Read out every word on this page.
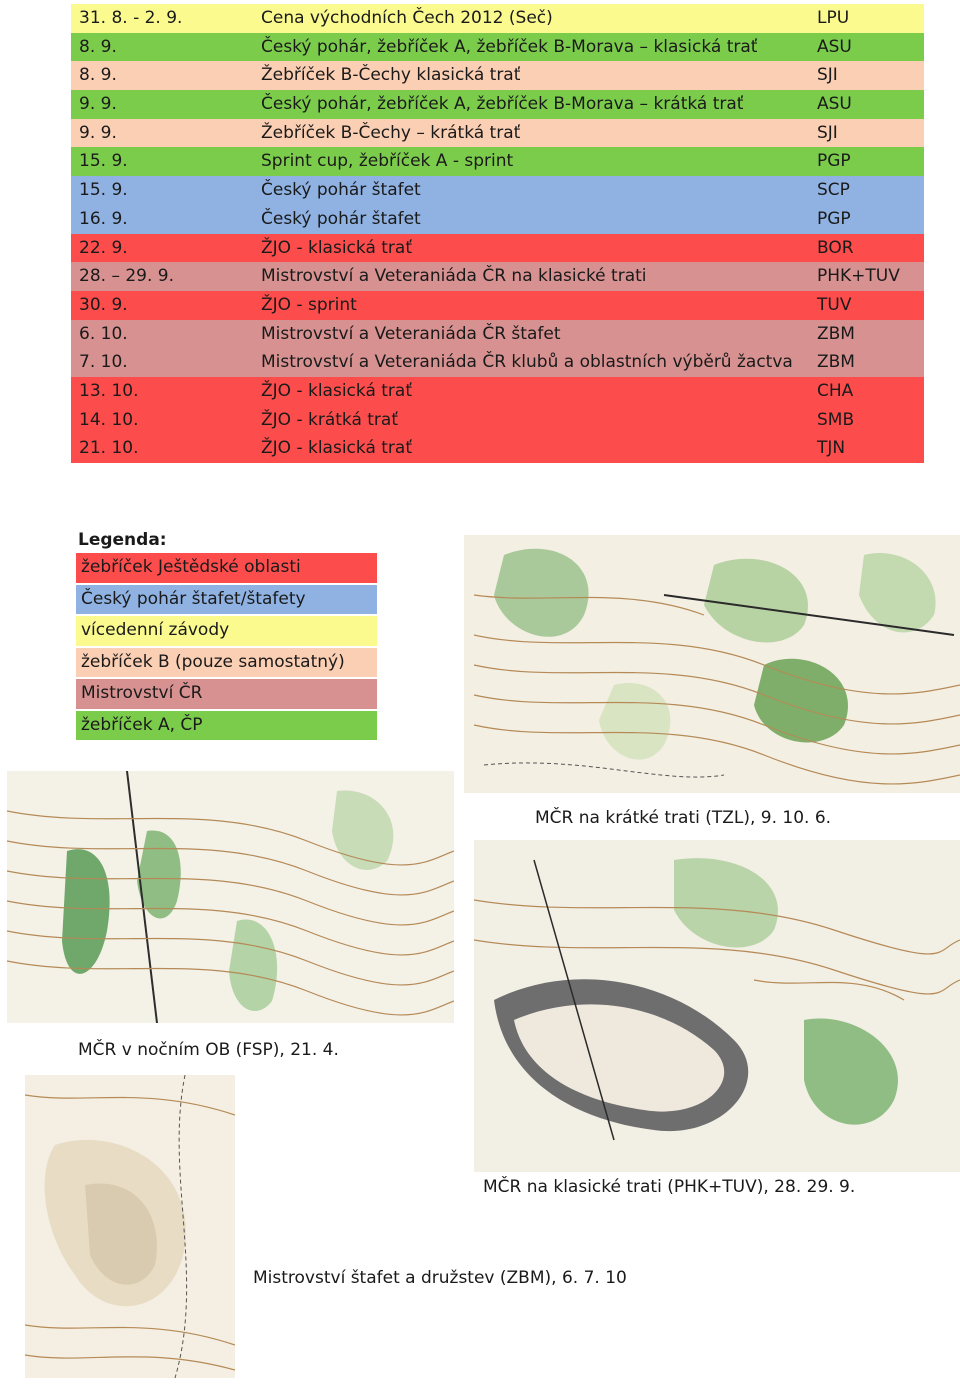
31. 8. - 2. 9.	Cena východních Čech 2012 (Seč)	LPU
8. 9.	Český pohár, žebříček A, žebříček B-Morava – klasická trať	ASU
8. 9.	Žebříček B-Čechy klasická trať	SJI
9. 9.	Český pohár, žebříček A, žebříček B-Morava – krátká trať	ASU
9. 9.	Žebříček B-Čechy – krátká trať	SJI
15. 9.	Sprint cup, žebříček A - sprint	PGP
15. 9.	Český pohár štafet	SCP
16. 9.	Český pohár štafet	PGP
22. 9.	ŽJO - klasická trať	BOR
28. – 29. 9.	Mistrovství a Veteraniáda ČR na klasické trati	PHK+TUV
30. 9.	ŽJO - sprint	TUV
6. 10.	Mistrovství a Veteraniáda ČR štafet	ZBM
7. 10.	Mistrovství a Veteraniáda ČR klubů a oblastních výběrů žactva ZBM
13. 10.	ŽJO - klasická trať	CHA
14. 10.	ŽJO - krátká trať	SMB
21. 10.	ŽJO - klasická trať	TJN
Legenda:
žebříček Ještědské oblasti
Český pohár štafet/štafety
vícedenní závody
žebříček B (pouze samostatný)
Mistrovství ČR
žebříček A, ČP
MČR na krátké trati (TZL), 9. 10. 6.
MČR v nočním OB (FSP), 21. 4.
MČR na klasické trati (PHK+TUV), 28. 29. 9.
Mistrovství štafet a družstev (ZBM), 6. 7. 10
